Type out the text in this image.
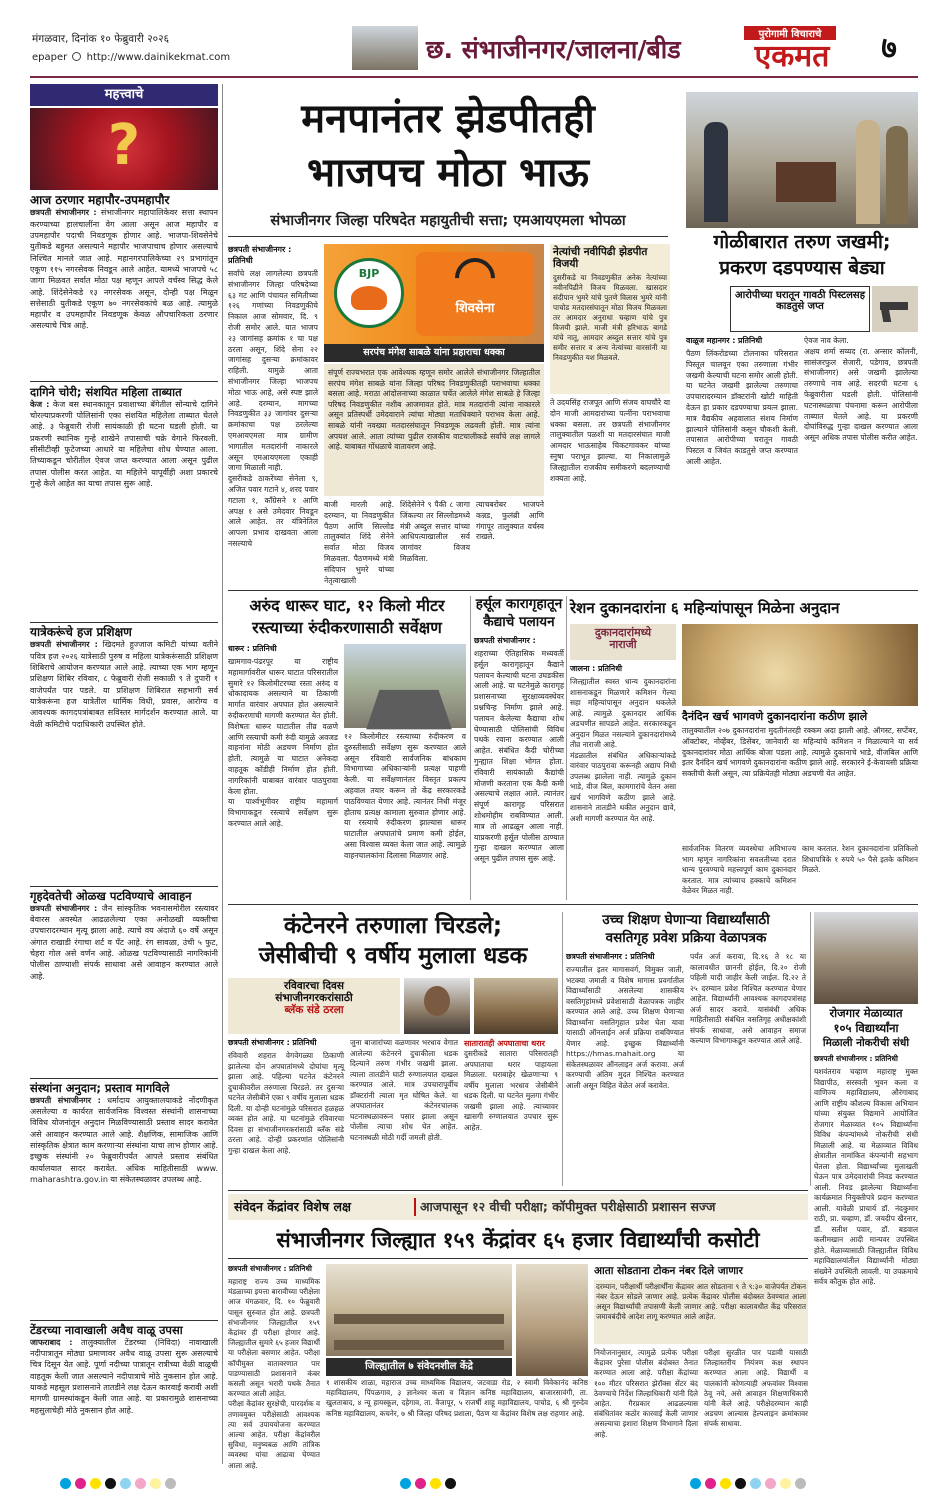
मंगळवार, दिनांक १० फेब्रुवारी २०२६
epaper http://www.dainikekmat.com	छ. संभाजीनगर/जालना/बीड
पुरोगामी विचाराचे
एकमत	७
महत्त्वाचे
?
आज ठरणार महापौर-उपमहापौर
छत्रपती संभाजीनगर : संभाजीनगर महापालिकेवर सत्ता स्थापन करण्याच्या हालचालींना वेग आला असून आज महापौर व उपमहापौर पदाची निवडणूक होणार आहे. भाजपा-शिवसेनेचे युतीकडे बहुमत असल्याने महापौर भाजपाचाच होणार असल्याचे निश्चित मानले जात आहे. महानगरपालिकेच्या २९ प्रभागांतून एकूण ११५ नगरसेवक निवडून आले आहेत. यामध्ये भाजपचे ५८ जागा मिळवत सर्वात मोठा पक्ष म्हणून आपले वर्चस्व सिद्ध केले आहे. शिंदेसेनेकडे १३ नगरसेवक असून, दोन्ही पक्ष मिळून सत्तेसाठी युतीकडे एकूण ७० नगरसेवकांचे बळ आहे. त्यामुळे महापौर व उपमहापौर निवडणूक केवळ औपचारिकता ठरणार असल्याचे चित्र आहे.
दागिने चोरी; संशयित महिला ताब्यात
केज : केज बस स्थानकातून प्रवाशाच्या बॅगेतील सोन्याचे दागिने चोरल्याप्रकरणी पोलिसांनी एका संशयित महिलेला ताब्यात घेतले आहे. ३ फेब्रुवारी रोजी सायंकाळी ही घटना घडली होती. या प्रकरणी स्थानिक गुन्हे शाखेने तपासाची चक्रे वेगाने फिरवली. सीसीटीव्ही फुटेजच्या आधारे या महिलेचा शोध घेण्यात आला. तिच्याकडून चोरीतील ऐवज जप्त करण्यात आला असून पुढील तपास पोलीस करत आहेत. या महिलेने यापूर्वीही अशा प्रकारचे गुन्हे केले आहेत का याचा तपास सुरू आहे.
यात्रेकरूंचे हज प्रशिक्षण
छत्रपती संभाजीनगर : खिदमते हुज्जाज कमिटी यांच्या वतीने पवित्र हज २०२६ यात्रेसाठी पुरुष व महिला यात्रेकरूंसाठी प्रशिक्षण शिबिराचे आयोजन करण्यात आले आहे. त्याच्या एक भाग म्हणून प्रशिक्षण शिबिर रविवार, ८ फेब्रुवारी रोजी सकाळी ९ ते दुपारी १ वाजेपर्यंत पार पडले. या प्रशिक्षण शिबिरात सहभागी सर्व यात्रेकरूंना हज यात्रेतील धार्मिक विधी, प्रवास, आरोग्य व आवश्यक कागदपत्रांबाबत सविस्तर मार्गदर्शन करण्यात आले. या वेळी कमिटीचे पदाधिकारी उपस्थित होते.
गृहदेवतेची ओळख पटविण्याचे आवाहन
छत्रपती संभाजीनगर : जैन सांस्कृतिक भवनासमोरील रस्त्यावर बेवारस अवस्थेत आढळलेल्या एका अनोळखी व्यक्तीचा उपचारादरम्यान मृत्यू झाला आहे. त्याचे वय अंदाजे ६० वर्षे असून अंगात राखाडी रंगाचा शर्ट व पँट आहे. रंग सावळा, उंची ५ फुट, चेहरा गोल असे वर्णन आहे. ओळख पटविण्यासाठी नागरिकांनी पोलीस ठाण्याशी संपर्क साधावा असे आवाहन करण्यात आले आहे.
संस्थांना अनुदान; प्रस्ताव मागविले
छत्रपती संभाजीनगर : धर्मादाय आयुक्तालयाकडे नोंदणीकृत असलेल्या व कार्यरत सार्वजनिक विश्वस्त संस्थांनी शासनाच्या विविध योजनांतून अनुदान मिळविण्यासाठी प्रस्ताव सादर करावेत असे आवाहन करण्यात आले आहे. शैक्षणिक, सामाजिक आणि सांस्कृतिक क्षेत्रात काम करणाऱ्या संस्थांना याचा लाभ होणार आहे. इच्छुक संस्थांनी २० फेब्रुवारीपर्यंत आपले प्रस्ताव संबंधित कार्यालयात सादर करावेत. अधिक माहितीसाठी www. maharashtra.gov.in या संकेतस्थळावर उपलब्ध आहे.
टेंडरच्या नावाखाली अवैध वाळू उपसा
जाफराबाद : तालुक्यातील टेंडरच्या (निविदा) नावाखाली नदीपात्रातून मोठ्या प्रमाणावर अवैध वाळू उपसा सुरू असल्याचे चित्र दिसून येत आहे. पूर्णा नदीच्या पात्रातून रात्रीच्या वेळी वाळूची वाहतूक केली जात असल्याने नदीपात्राचे मोठे नुकसान होत आहे. याकडे महसूल प्रशासनाने तातडीने लक्ष देऊन कारवाई करावी अशी मागणी ग्रामस्थांकडून केली जात आहे. या प्रकारामुळे शासनाच्या महसुलाचेही मोठे नुकसान होत आहे.
मनपानंतर झेडपीतही
भाजपच मोठा भाऊ
संभाजीनगर जिल्हा परिषदेत महायुतीची सत्ता; एमआयएमला भोपळा
छत्रपती संभाजीनगर : प्रतिनिधी
सर्वांचे लक्ष लागलेल्या छत्रपती संभाजीनगर जिल्हा परिषदेच्या ६३ गट आणि पंचायत समितीच्या १२६ गणांच्या निवडणुकीचे निकाल आज सोमवार, दि. ९ रोजी समोर आले. यात भाजप २३ जागांसह क्रमांक १ चा पक्ष ठरला असून, शिंदे सेना २२ जागांसह दुसऱ्या क्रमांकावर राहिली. यामुळे आता संभाजीनगर जिल्हा भाजपच मोठा भाऊ आहे, असे स्पष्ट झाले आहे. दरम्यान, मागच्या निवडणुकीत ३३ जागांवर दुसऱ्या क्रमांकाचा पक्ष ठरलेल्या एमआयएमला मात्र ग्रामीण भागातील मतदारांनी नाकारले असून एमआयएमला एकाही जागा मिळाली नाही.
दुसरीकडे ठाकरेंच्या सेनेला ९, अजित पवार गटाने ४, शरद पवार गटाला १, काँग्रेसने १ आणि अपक्ष १ असे उमेदवार निवडून आले आहेत. तर यंत्रिनेतिल आपला प्रभाव दाखवता आला नसल्याचे
BJP
शिवसेना
सरपंच मंगेश साबळे यांना प्रहाराचा धक्का
संपूर्ण राज्यभरात एक आवेश्यक म्हणून समोर आलेले संभाजीनगर जिल्हातील सरपंच मंगेश साबळे यांना जिल्हा परिषद निवडणुकीतही पराभवाचा धक्का बसला आहे. मराठा आंदोलनाच्या काळात चर्चेत आलेले मंगेश साबळे हे जिल्हा परिषद निवडणुकीत नशीब आजमावत होते. मात्र मतदारांनी त्यांना नाकारले असून प्रतिस्पर्धी उमेदवाराने त्यांचा मोठ्या मताधिक्याने पराभव केला आहे. साबळे यांनी नवख्या मतदारसंघातून निवडणूक लढवली होती. मात्र त्यांना अपयश आले. आता त्यांच्या पुढील राजकीय वाटचालीकडे सर्वांचे लक्ष लागले आहे. याबाबत गोंधळाचे वातावरण आहे.
बाजी मारली आहे. दरम्यान, या निवडणुकीत पैठण आणि सिल्लोड तालुक्यांत शिंदे सेनेने सर्वात मोठा विजय मिळवला. पैठणमध्ये मंत्री संदिपान भुमरे यांच्या नेतृत्वाखाली
शिंदेसेनेने ९ पैकी ८ जागा जिंकल्या तर सिल्लोडमध्ये मंत्री अब्दुल सत्तार यांच्या आधिपत्याखालील सर्व जागांवर विजय मिळविला.
त्याचबरोबर भाजपने कन्नड, फुलंब्री आणि गंगापूर तालुक्यात वर्चस्व राखले.
नेत्यांची नवीपिढी झेडपीत विजयी
दुसरीकडे या निवडणुकीत अनेक नेत्यांच्या नवीनपिढीने विजय मिळवला. खासदार संदीपान भुमरे यांचे पुतणे विलास भुमरे यांनी पाचोड मतदारसंघातून मोठा विजय मिळवला तर आमदार अनुराधा चव्हाण यांचे पुत्र विजयी झाले. माजी मंत्री हरिभाऊ बागडे यांचे नातू, आमदार अब्दुल सत्तार यांचे पुत्र समीर सत्तार व अन्य नेत्यांच्या वारसांनी या निवडणुकीत यश मिळवले.
ते उदयसिंह राजपूत आणि संजय वाघचौरे या दोन माजी आमदारांच्या पत्नींना पराभवाचा धक्का बसला. तर छत्रपती संभाजीनगर तालुक्यातील पळशी या मतदारसंघात माजी आमदार भाऊसाहेब चिकटगावकर यांच्या स्नुषा पराभूत झाल्या. या निकालामुळे जिल्ह्यातील राजकीय समीकरणे बदलण्याची शक्यता आहे.
गोळीबारात तरुण जखमी;
प्रकरण दडपण्यास बेड्या
आरोपीच्या घरातून गावठी पिस्टलसह
काडतुसे जप्त
वाळूज महानगर : प्रतिनिधी
पैठण लिंकरोडच्या टोलनाका परिसरात पिस्तूल चालवून एका तरुणाला गंभीर जखमी केल्याची घटना समोर आली होती. या घटनेत जखमी झालेल्या तरुणाचा उपचारादरम्यान डॉक्टरांनी खोटी माहिती देऊन हा प्रकार दडपण्याचा प्रयत्न झाला. मात्र वैद्यकीय अहवालात संशय निर्माण झाल्याने पोलिसांनी कसून चौकशी केली. तपासात आरोपीच्या घरातून गावठी पिस्टल व जिवंत काडतुसे जप्त करण्यात आली आहेत.
ऐवज नाव केला.
अक्षय शर्मा सय्यद (रा. अन्सार कॉलनी, सासंजरफुल सेजारी, पडेगाव, छत्रपती संभाजीनगर) असे जखमी झालेल्या तरुणाचे नाव आहे. सदरची घटना ६ फेब्रुवारीला घडली होती. पोलिसांनी घटनास्थळाचा पंचनामा करून आरोपीला ताब्यात घेतले आहे. या प्रकरणी दोघांविरुद्ध गुन्हा दाखल करण्यात आला असून अधिक तपास पोलीस करीत आहेत.
अरुंद धारूर घाट, १२ किलो मीटर
रस्त्याच्या रुंदीकरणासाठी सर्वेक्षण
धारूर : प्रतिनिधी
खामगाव-पंढरपूर या राष्ट्रीय महामार्गावरील धारूर घाटात परिसरातील सुमारे १२ किलोमीटरच्या रस्ता अरुंद व धोकादायक असल्याने या ठिकाणी मार्गात वारंवार अपघात होत असल्याने रुंदीकरणाची मागणी करण्यात येत होती. विशेषतः धारूर घाटातील तीव्र वळणे आणि रस्त्याची कमी रुंदी यामुळे अवजड वाहनांना मोठी अडचण निर्माण होत होती. त्यामुळे या घाटात अनेकदा वाहतूक कोंडीही निर्माण होत होती. नागरिकांनी याबाबत वारंवार पाठपुरावा केला होता.
या पार्श्वभूमीवर राष्ट्रीय महामार्ग विभागाकडून रस्त्याचे सर्वेक्षण सुरू करण्यात आले आहे.
१२ किलोमीटर रस्त्याच्या रुंदीकरण व दुरुस्तीसाठी सर्वेक्षण सुरू करण्यात आले असून रविवारी सार्वजनिक बांधकाम विभागाच्या अधिकाऱ्यांनी प्रत्यक्ष पाहणी केली. या सर्वेक्षणानंतर विस्तृत प्रकल्प अहवाल तयार करून तो केंद्र सरकारकडे पाठविण्यात येणार आहे. त्यानंतर निधी मंजूर होताच प्रत्यक्ष कामाला सुरुवात होणार आहे. या रस्त्याचे रुंदीकरण झाल्यास धारूर घाटातील अपघातांचे प्रमाण कमी होईल, असा विश्वास व्यक्त केला जात आहे. त्यामुळे वाहनचालकांना दिलासा मिळणार आहे.
हर्सूल कारागृहातून
कैद्याचे पलायन
छत्रपती संभाजीनगर :
शहराच्या ऐतिहासिक मध्यवर्ती हर्सूल कारागृहातून कैद्याने पलायन केल्याची घटना उघडकीस आली आहे. या घटनेमुळे कारागृह प्रशासनाच्या सुरक्षाव्यवस्थेवर प्रश्नचिन्ह निर्माण झाले आहे. पलायन केलेल्या कैद्याचा शोध घेण्यासाठी पोलिसांची विविध पथके रवाना करण्यात आली आहेत. संबंधित कैदी चोरीच्या गुन्ह्यात शिक्षा भोगत होता. रविवारी सायंकाळी कैद्यांची मोजणी करताना एक कैदी कमी असल्याचे लक्षात आले. त्यानंतर संपूर्ण कारागृह परिसरात शोधमोहीम राबविण्यात आली. मात्र तो आढळून आला नाही. याप्रकरणी हर्सूल पोलीस ठाण्यात गुन्हा दाखल करण्यात आला असून पुढील तपास सुरू आहे.
रेशन दुकानदारांना ६ महिन्यांपासून मिळेना अनुदान
दुकानदारांमध्ये
नाराजी
जालना : प्रतिनिधी
जिल्ह्यातील स्वस्त धान्य दुकानदारांना शासनाकडून मिळणारे कमिशन गेल्या सहा महिन्यांपासून अनुदान थकलेले आहे. त्यामुळे दुकानदार आर्थिक अडचणीत सापडले आहेत. सरकारकडून अनुदान मिळत नसल्याने दुकानदारांमध्ये तीव्र नाराजी आहे.
मंडळातील संबंधित अधिकाऱ्यांकडे वारंवार पाठपुरावा करूनही अद्याप निधी उपलब्ध झालेला नाही. त्यामुळे दुकान भाडे, वीज बिल, कामगारांचे वेतन असा खर्च भागविणे कठीण झाले आहे. शासनाने तातडीने थकीत अनुदान द्यावे, अशी मागणी करण्यात येत आहे.
दैनंदिन खर्च भागवणे दुकानदारांना कठीण झाले
तालुक्यातील २०७ दुकानदारांना मुदतीनंतरही रक्कम अदा झाली आहे. ऑगस्ट, सप्टेंबर, ऑक्टोबर, नोव्हेंबर, डिसेंबर, जानेवारी या महिन्यांचे कमिशन न मिळाल्याने या सर्व दुकानदारांवर मोठा आर्थिक बोजा पडला आहे. त्यामुळे दुकानाचे भाडे, वीजबिल आणि इतर दैनंदिन खर्च भागवणे दुकानदारांना कठीण झाले आहे. सरकारने ई-केवायसी प्रक्रिया सक्तीची केली असून, त्या प्रक्रियेतही मोठ्या अडचणी येत आहेत.
सार्वजनिक वितरण व्यवस्थेचा अविभाज्य भाग म्हणून नागरिकांना सवलतीच्या दरात धान्य पुरवण्याचे महत्त्वपूर्ण काम दुकानदार करतात. मात्र त्यांच्याच हक्काचे कमिशन वेळेवर मिळत नाही.
काम करतात. रेशन दुकानदारांना प्रतिकिलो शिधापत्रिके १ रुपये ५० पैसे इतके कमिशन मिळते.
कंटेनरने तरुणाला चिरडले;
जेसीबीची ९ वर्षीय मुलाला धडक
रविवारचा दिवस
संभाजीनगरकरांसाठी
ब्लॅक संडे ठरला
छत्रपती संभाजीनगर : प्रतिनिधी
रविवारी शहरात वेगवेगळ्या ठिकाणी झालेल्या दोन अपघातांमध्ये दोघांचा मृत्यू झाला आहे. पहिल्या घटनेत कंटेनरने दुचाकीवरील तरुणाला चिरडले. तर दुसऱ्या घटनेत जेसीबीने एका ९ वर्षीय मुलाला धडक दिली. या दोन्ही घटनांमुळे परिसरात हळहळ व्यक्त होत आहे. या घटनांमुळे रविवारचा दिवस हा संभाजीनगरकरांसाठी ब्लॅक संडे ठरला आहे. दोन्ही प्रकरणांत पोलिसांनी गुन्हा दाखल केला आहे.
जुना बाजारांच्या वळणावर भरधाव वेगात आलेल्या कंटेनरने दुचाकीला धडक दिल्याने तरुण गंभीर जखमी झाला. त्याला तातडीने घाटी रुग्णालयात दाखल करण्यात आले. मात्र उपचारापूर्वीच डॉक्टरांनी त्याला मृत घोषित केले. या अपघातानंतर कंटेनरचालक घटनास्थळावरून पसार झाला असून पोलीस त्याचा शोध घेत आहेत. घटनास्थळी मोठी गर्दी जमली होती.
सातारातही अपघाताचा थरार
दुसरीकडे सातारा परिसरातही अपघाताचा थरार पाहायला मिळाला. घराबाहेर खेळणाऱ्या ९ वर्षीय मुलाला भरधाव जेसीबीने धडक दिली. या घटनेत मुलगा गंभीर जखमी झाला आहे. त्याच्यावर खासगी रुग्णालयात उपचार सुरू आहेत.
उच्च शिक्षण घेणाऱ्या विद्यार्थ्यांसाठी
वसतिगृह प्रवेश प्रक्रिया वेळापत्रक
छत्रपती संभाजीनगर : प्रतिनिधी
राज्यातील इतर मागासवर्ग, विमुक्त जाती, भटक्या जमाती व विशेष मागास प्रवर्गातील विद्यार्थ्यांसाठी असलेल्या शासकीय वसतिगृहांमध्ये प्रवेशासाठी वेळापत्रक जाहीर करण्यात आले आहे. उच्च शिक्षण घेणाऱ्या विद्यार्थ्यांना वसतिगृहात प्रवेश घेता यावा यासाठी ऑनलाईन अर्ज प्रक्रिया राबविण्यात येणार आहे. इच्छुक विद्यार्थ्यांनी https://hmas.mahait.org या संकेतस्थळावर ऑनलाइन अर्ज करावा. अर्ज करण्याची अंतिम मुदत निश्चित करण्यात आली असून विहित वेळेत अर्ज करावेत.
पर्यंत अर्ज करावा, दि.१६ ते १८ या कालावधीत छाननी होईल, दि.२० रोजी पहिली यादी जाहीर केली जाईल. दि.२२ ते २५ दरम्यान प्रवेश निश्चित करण्यात येणार आहेत. विद्यार्थ्यांनी आवश्यक कागदपत्रांसह अर्ज सादर करावे. यासंबंधी अधिक माहितीसाठी संबंधित वसतिगृह अधीक्षकांशी संपर्क साधावा, असे आवाहन समाज कल्याण विभागाकडून करण्यात आले आहे.
रोजगार मेळाव्यात
१०५ विद्यार्थ्यांना
मिळाली नोकरीची संधी
छत्रपती संभाजीनगर : प्रतिनिधी
यशवंतराव चव्हाण महाराष्ट्र मुक्त विद्यापीठ, सरस्वती भुवन कला व वाणिज्य महाविद्यालय, औरंगाबाद आणि राष्ट्रीय कौशल्य विकास अभियान यांच्या संयुक्त विद्यमाने आयोजित रोजगार मेळाव्यात १०५ विद्यार्थ्यांना विविध कंपन्यांमध्ये नोकरीची संधी मिळाली आहे. या मेळाव्यात विविध क्षेत्रातील नामांकित कंपन्यांनी सहभाग घेतला होता. विद्यार्थ्यांच्या मुलाखती घेऊन पात्र उमेदवारांची निवड करण्यात आली. निवड झालेल्या विद्यार्थ्यांना कार्यक्रमात नियुक्तीपत्रे प्रदान करण्यात आली. यावेळी प्राचार्य डॉ. नंदकुमार राठी, प्रा. चव्हाण, डॉ. जयदीप खैरनार, डॉ. सतीश पवार, डॉ. बडवाल कलीमखान आदी मान्यवर उपस्थित होते. मेळाव्यासाठी जिल्ह्यातील विविध महाविद्यालयांतील विद्यार्थ्यांनी मोठ्या संख्येने उपस्थिती लावली. या उपक्रमाचे सर्वत्र कौतुक होत आहे.
संवेदन केंद्रांवर विशेष लक्ष	आजपासून १२ वीची परीक्षा; कॉपीमुक्त परीक्षेसाठी प्रशासन सज्ज
संभाजीनगर जिल्ह्यात १५९ केंद्रांवर ६५ हजार विद्यार्थ्यांची कसोटी
छत्रपती संभाजीनगर : प्रतिनिधी
महाराष्ट्र राज्य उच्च माध्यमिक मंडळाच्या इयत्ता बारावीच्या परीक्षेला आज मंगळवार, दि. १० फेब्रुवारी पासून सुरुवात होत आहे. छत्रपती संभाजीनगर जिल्ह्यातील १५९ केंद्रांवर ही परीक्षा होणार आहे. जिल्ह्यातील सुमारे ६५ हजार विद्यार्थी या परीक्षेला बसणार आहेत. परीक्षा कॉपीमुक्त वातावरणात पार पाडण्यासाठी प्रशासनाने कंबर कसली असून भरारी पथके तैनात करण्यात आली आहेत.
परीक्षा केंद्रांवर सुरक्षेची, पारदर्शक व तणावमुक्त परीक्षेसाठी आवश्यक त्या सर्व उपाययोजना करण्यात आल्या आहेत. परीक्षा केंद्रांवरील सुविधा, मनुष्यबळ आणि तांत्रिक व्यवस्था यांचा आढावा घेण्यात आला आहे.
जिल्ह्यातील ७ संवेदनशील केंद्रे
१ शासकीय शाळा, महाराज उच्च माध्यमिक विद्यालय, जटवाडा रोड, २ स्वामी विवेकानंद कनिष्ठ महाविद्यालय, पिंपळगाव, ३ ज्ञानेश्वर कला व विज्ञान कनिष्ठ महाविद्यालय, बाजारसावंगी, ता. खुलताबाद, ४ न्यू हायस्कूल, दहेगाव, ता. वैजापूर, ५ राजर्षी शाहू महाविद्यालय, पाचोड, ६ श्री गुरुदेव कनिष्ठ महाविद्यालय, कचनेर, ७ श्री जिल्हा परिषद प्रशाला, पैठण या केंद्रांवर विशेष लक्ष राहणार आहे.
आता सोडताना टोकन नंबर दिले जाणार
दरम्यान, परीक्षार्थी परीक्षार्थींना केंद्रावर आत सोडताना ९ ते ९:३० वाजेपर्यंत टोकन नंबर देऊन सोडले जाणार आहे. प्रत्येक केंद्रावर पोलीस बंदोबस्त ठेवण्यात आला असून विद्यार्थ्यांची तपासणी केली जाणार आहे. परीक्षा कालावधीत केंद्र परिसरात जमावबंदीचे आदेश लागू करण्यात आले आहेत.
नियोजनानुसार, त्यामुळे प्रत्येक परीक्षा केंद्रावर पुरेसा पोलीस बंदोबस्त तैनात करण्यात आला आहे. परीक्षा केंद्रांच्या १०० मीटर परिसरात झेरॉक्स सेंटर बंद ठेवण्याचे निर्देश जिल्हाधिकारी यांनी दिले आहेत. गैरप्रकार आढळल्यास संबंधितांवर कठोर कारवाई केली जाणार असल्याचा इशारा शिक्षण विभागाने दिला आहे.
परीक्षा सुरळीत पार पडावी यासाठी जिल्हास्तरीय नियंत्रण कक्ष स्थापन करण्यात आला आहे. विद्यार्थी व पालकांनी कोणत्याही अफवांवर विश्वास ठेवू नये, असे आवाहन शिक्षणाधिकारी यांनी केले आहे. परीक्षेदरम्यान काही अडचण आल्यास हेल्पलाइन क्रमांकावर संपर्क साधावा.
